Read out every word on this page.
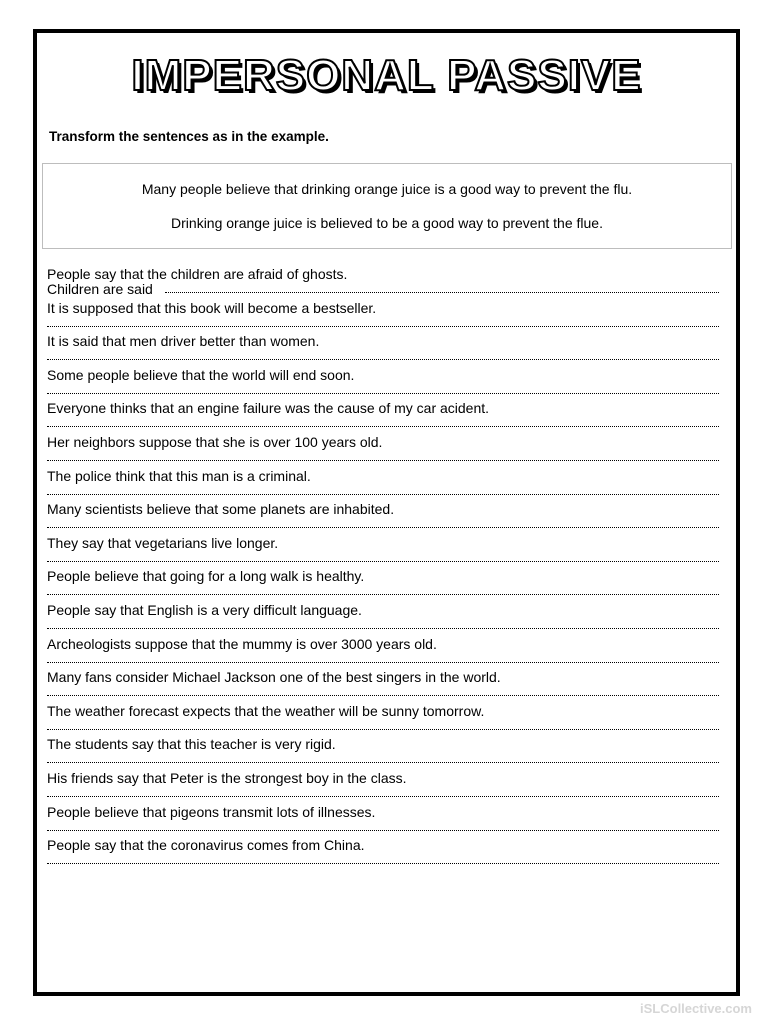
IMPERSONAL PASSIVE
Transform the sentences as in the example.
Many people believe that drinking orange juice is a good way to prevent the flu.
Drinking orange juice is believed to be a good way to prevent the flue.
People say that the children are afraid of ghosts.
Children are said
It is supposed that this book will become a bestseller.
It is said that men driver better than women.
Some people believe that the world will end soon.
Everyone thinks that an engine failure was the cause of my car acident.
Her neighbors suppose that she is over 100 years old.
The police think that this man is a criminal.
Many scientists believe that some planets are inhabited.
They say that vegetarians live longer.
People believe that going for a long walk is healthy.
People say that English is a very difficult language.
Archeologists suppose that the mummy is over 3000 years old.
Many fans consider Michael Jackson one of the best singers in the world.
The weather forecast expects that the weather will be sunny tomorrow.
The students say that this teacher is very rigid.
His friends say that Peter is the strongest boy in the class.
People believe that pigeons transmit lots of illnesses.
People say that the coronavirus comes from China.
iSLCollective.com
